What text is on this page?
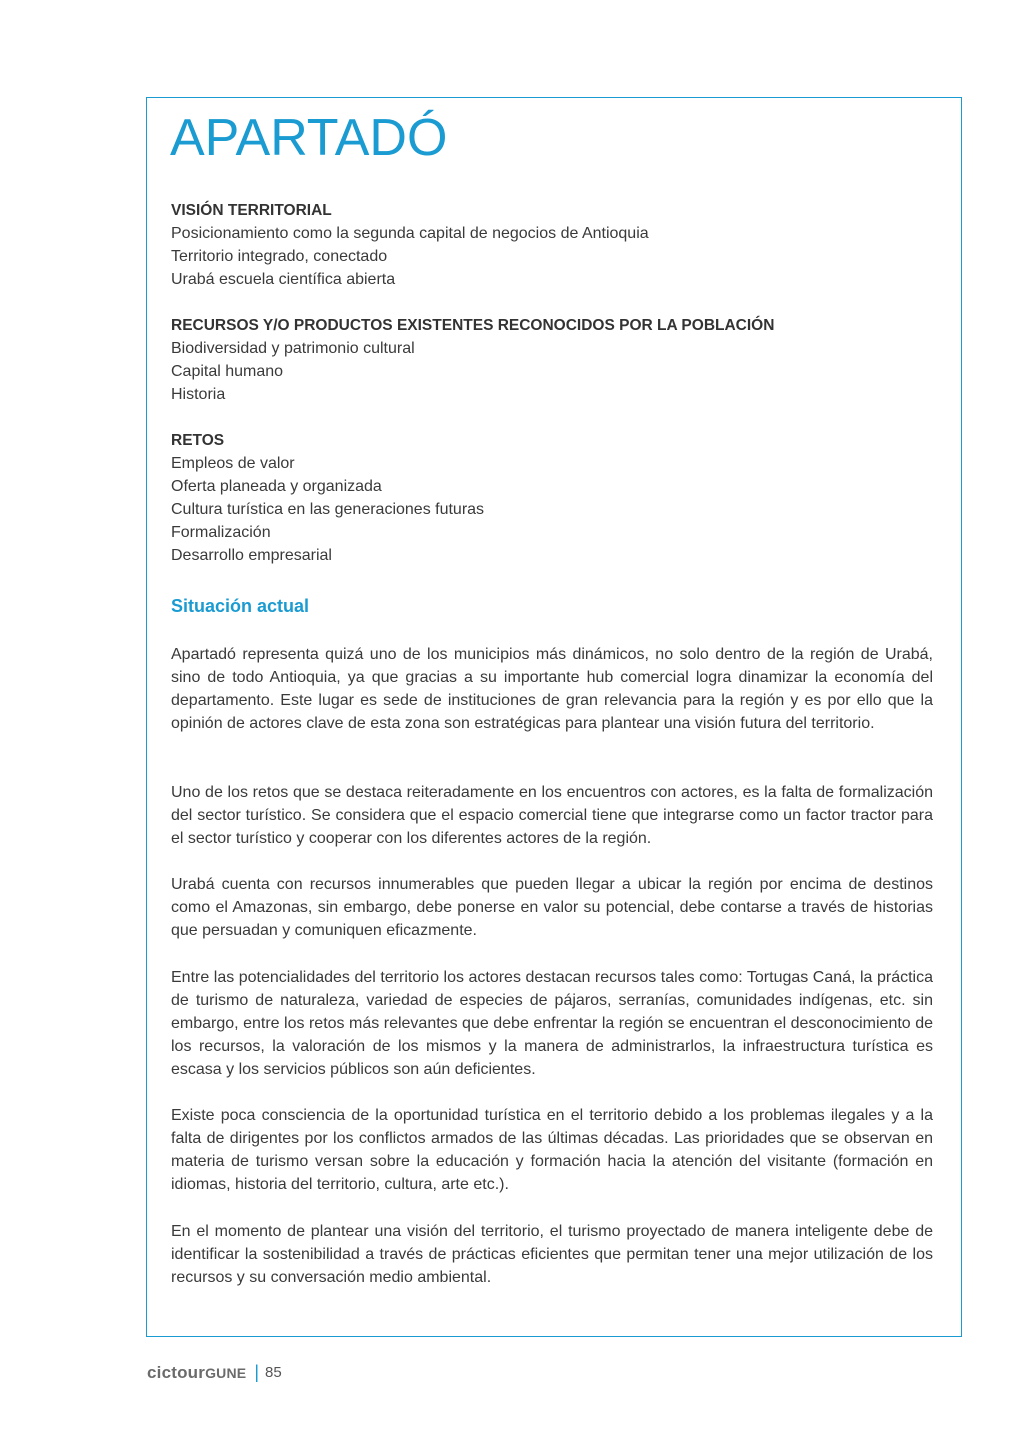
APARTADÓ

VISIÓN TERRITORIAL

Posicionamiento como la segunda capital de negocios de Antioquia

Territorio integrado, conectado

Urabá escuela científica abierta

RECURSOS Y/O PRODUCTOS EXISTENTES RECONOCIDOS POR LA POBLACIÓN

Biodiversidad y patrimonio cultural

Capital humano

Historia

RETOS

Empleos de valor

Oferta planeada y organizada

Cultura turística en las generaciones futuras

Formalización

Desarrollo empresarial

Situación actual

Apartadó representa quizá uno de los municipios más dinámicos, no solo dentro de la región de Urabá, sino de todo Antioquia, ya que gracias a su importante hub comercial logra dinamizar la economía del departamento. Este lugar es sede de instituciones de gran relevancia para la región y es por ello que la opinión de actores clave de esta zona son estratégicas para plantear una visión futura del territorio.

Uno de los retos que se destaca reiteradamente en los encuentros con actores, es la falta de formalización del sector turístico. Se considera que el espacio comercial tiene que integrarse como un factor tractor para el sector turístico y cooperar con los diferentes actores de la región.

Urabá cuenta con recursos innumerables que pueden llegar a ubicar la región por encima de destinos como el Amazonas, sin embargo, debe ponerse en valor su potencial, debe contarse a través de historias que persuadan y comuniquen eficazmente.

Entre las potencialidades del territorio los actores destacan recursos tales como: Tortugas Caná, la práctica de turismo de naturaleza, variedad de especies de pájaros, serranías, comunidades indígenas, etc. sin embargo, entre los retos más relevantes que debe enfrentar la región se encuentran el desconocimiento de los recursos, la valoración de los mismos y la manera de administrarlos, la infraestructura turística es escasa y los servicios públicos son aún deficientes.

Existe poca consciencia de la oportunidad turística en el territorio debido a los problemas ilegales y a la falta de dirigentes por los conflictos armados de las últimas décadas. Las prioridades que se observan en materia de turismo versan sobre la educación y formación hacia la atención del visitante (formación en idiomas, historia del territorio, cultura, arte etc.).

En el momento de plantear una visión del territorio, el turismo proyectado de manera inteligente debe de identificar la sostenibilidad a través de prácticas eficientes que permitan tener una mejor utilización de los recursos y su conversación medio ambiental.

cictourGUNE | 85
